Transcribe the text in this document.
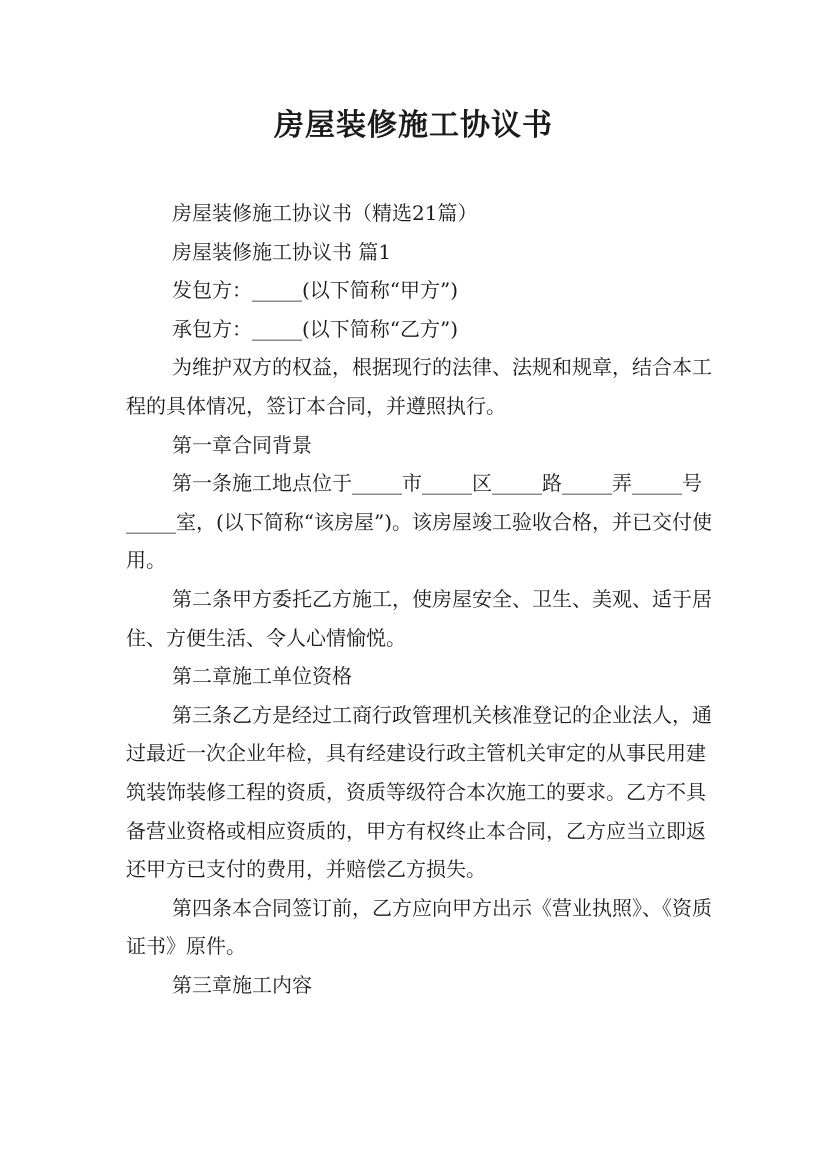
房屋装修施工协议书

房屋装修施工协议书（精选21篇）

房屋装修施工协议书 篇1

发包方：_____(以下简称“甲方”)

承包方：_____(以下简称“乙方”)

为维护双方的权益，根据现行的法律、法规和规章，结合本工程的具体情况，签订本合同，并遵照执行。

第一章合同背景

第一条施工地点位于_____市_____区_____路_____弄_____号_____室，(以下简称“该房屋”)。该房屋竣工验收合格，并已交付使用。

第二条甲方委托乙方施工，使房屋安全、卫生、美观、适于居住、方便生活、令人心情愉悦。

第二章施工单位资格

第三条乙方是经过工商行政管理机关核准登记的企业法人，通过最近一次企业年检，具有经建设行政主管机关审定的从事民用建筑装饰装修工程的资质，资质等级符合本次施工的要求。乙方不具备营业资格或相应资质的，甲方有权终止本合同，乙方应当立即返还甲方已支付的费用，并赔偿乙方损失。

第四条本合同签订前，乙方应向甲方出示《营业执照》、《资质证书》原件。

第三章施工内容
